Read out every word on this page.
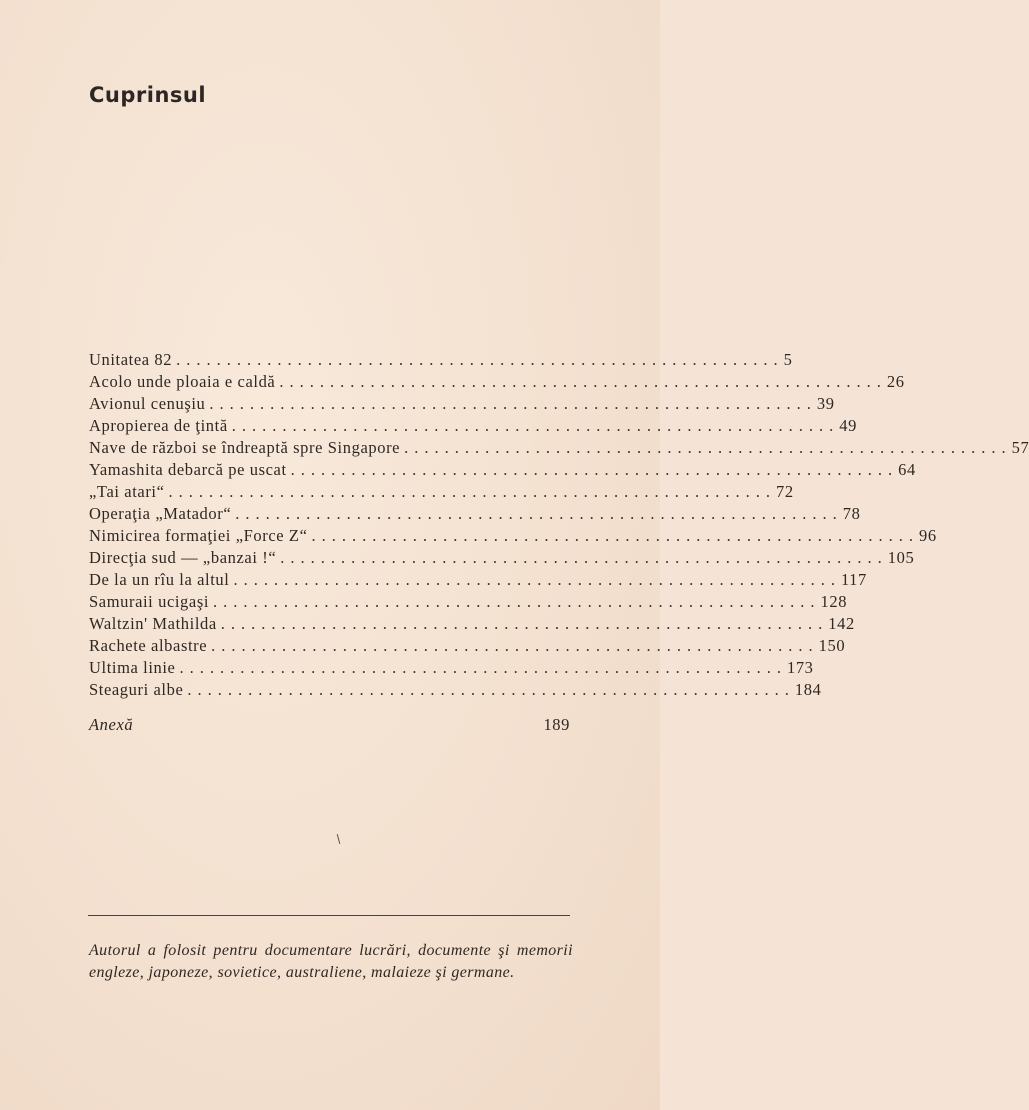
Cuprinsul
Unitatea 82 ............................................................ 5
Acolo unde ploaia e caldă ............................................................ 26
Avionul cenuşiu ............................................................ 39
Apropierea de ţintă ............................................................ 49
Nave de război se îndreaptă spre Singapore ............................................................ 57
Yamashita debarcă pe uscat ............................................................ 64
„Tai atari“ ............................................................ 72
Operaţia „Matador“ ............................................................ 78
Nimicirea formaţiei „Force Z“ ............................................................ 96
Direcţia sud — „banzai !“ ............................................................ 105
De la un rîu la altul ............................................................ 117
Samuraii ucigaşi ............................................................ 128
Waltzin' Mathilda ............................................................ 142
Rachete albastre ............................................................ 150
Ultima linie ............................................................ 173
Steaguri albe ............................................................ 184
Anexă	189
Autorul a folosit pentru documentare lucrări, documente şi memorii engleze, japoneze, sovietice, australiene, malaieze şi germane.
